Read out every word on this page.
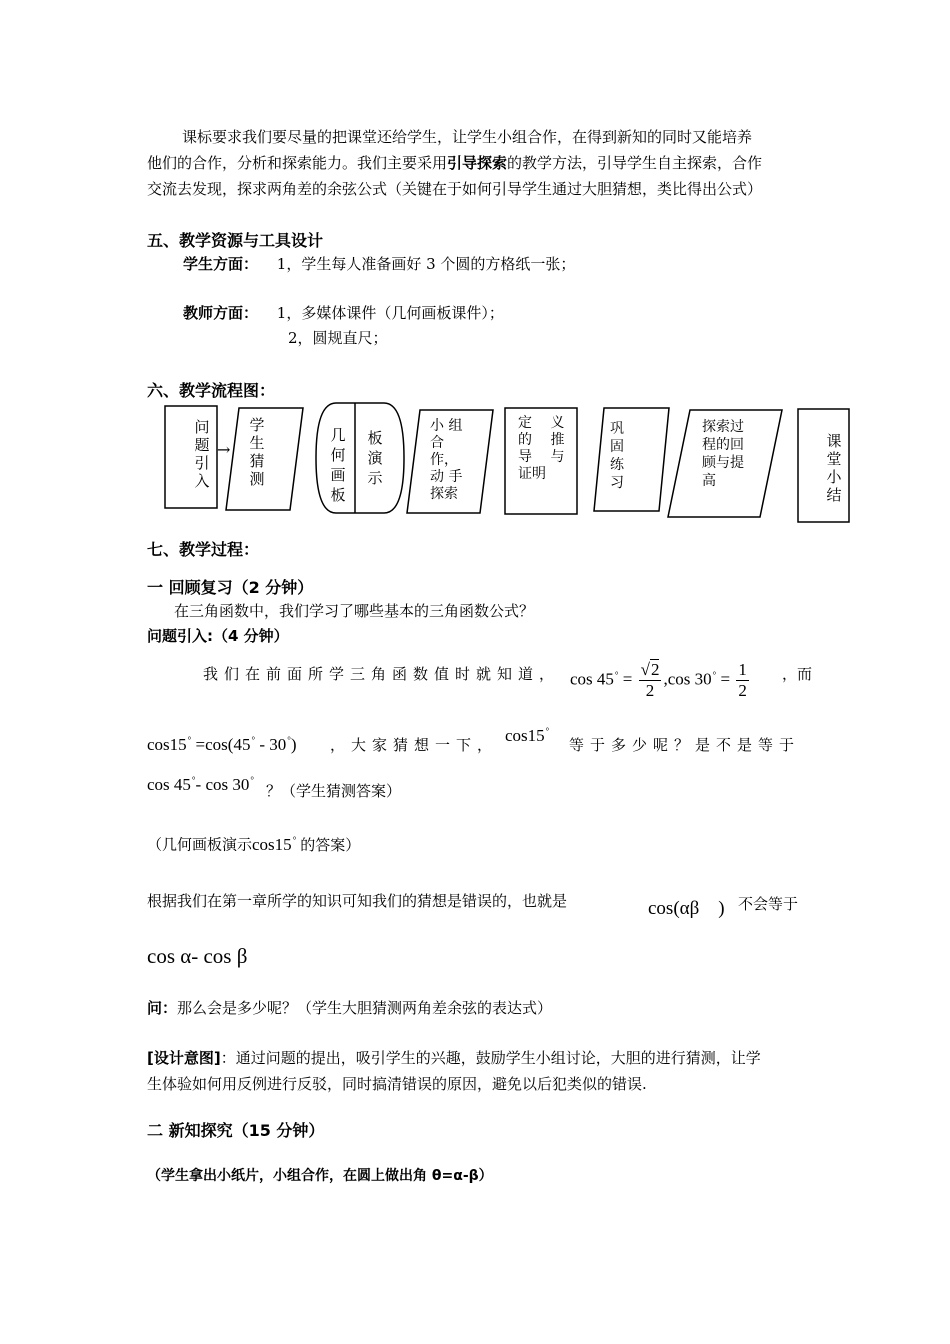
课标要求我们要尽量的把课堂还给学生，让学生小组合作，在得到新知的同时又能培养
他们的合作，分析和探索能力。我们主要采用引导探索的教学方法，引导学生自主探索，合作
交流去发现，探求两角差的余弦公式（关键在于如何引导学生通过大胆猜想，类比得出公式）
五、教学资源与工具设计
学生方面： 1，学生每人准备画好 3 个圆的方格纸一张；
教师方面： 1，多媒体课件（几何画板课件）；
2，圆规直尺；
六、教学流程图：
问题引入
→
学生猜测
几何画板
板演示
小 组
合
作，
动 手
探索
定　 义
的　 推
导　 与
证明
巩
固
练
习
探索过
程的回
顾与提
高
课堂小结
七、教学过程：
一 回顾复习（2 分钟）
在三角函数中，我们学习了哪些基本的三角函数公式？
问题引入:（4 分钟）
我们在前面所学三角函数值时就知道， $\cos 45^\circ = \frac{√2}{2} ,\cos$ $30^\circ = \frac{1}{2}$ ，而
cos15° =cos(45° - 30°) ，大家猜想一下， cos15°
等于多少呢？是不是等于
cos 45°- cos 30°
？（学生猜测答案）
（几何画板演示cos15° 的答案）
根据我们在第一章所学的知识可知我们的猜想是错误的，也就是	cos(αβ　) 不会等于
cos α- cos β
问：那么会是多少呢？（学生大胆猜测两角差余弦的表达式）
[设计意图]：通过问题的提出，吸引学生的兴趣，鼓励学生小组讨论，大胆的进行猜测，让学
生体验如何用反例进行反驳，同时搞清错误的原因，避免以后犯类似的错误.
二 新知探究（15 分钟）
（学生拿出小纸片，小组合作，在圆上做出角 θ=α-β）
